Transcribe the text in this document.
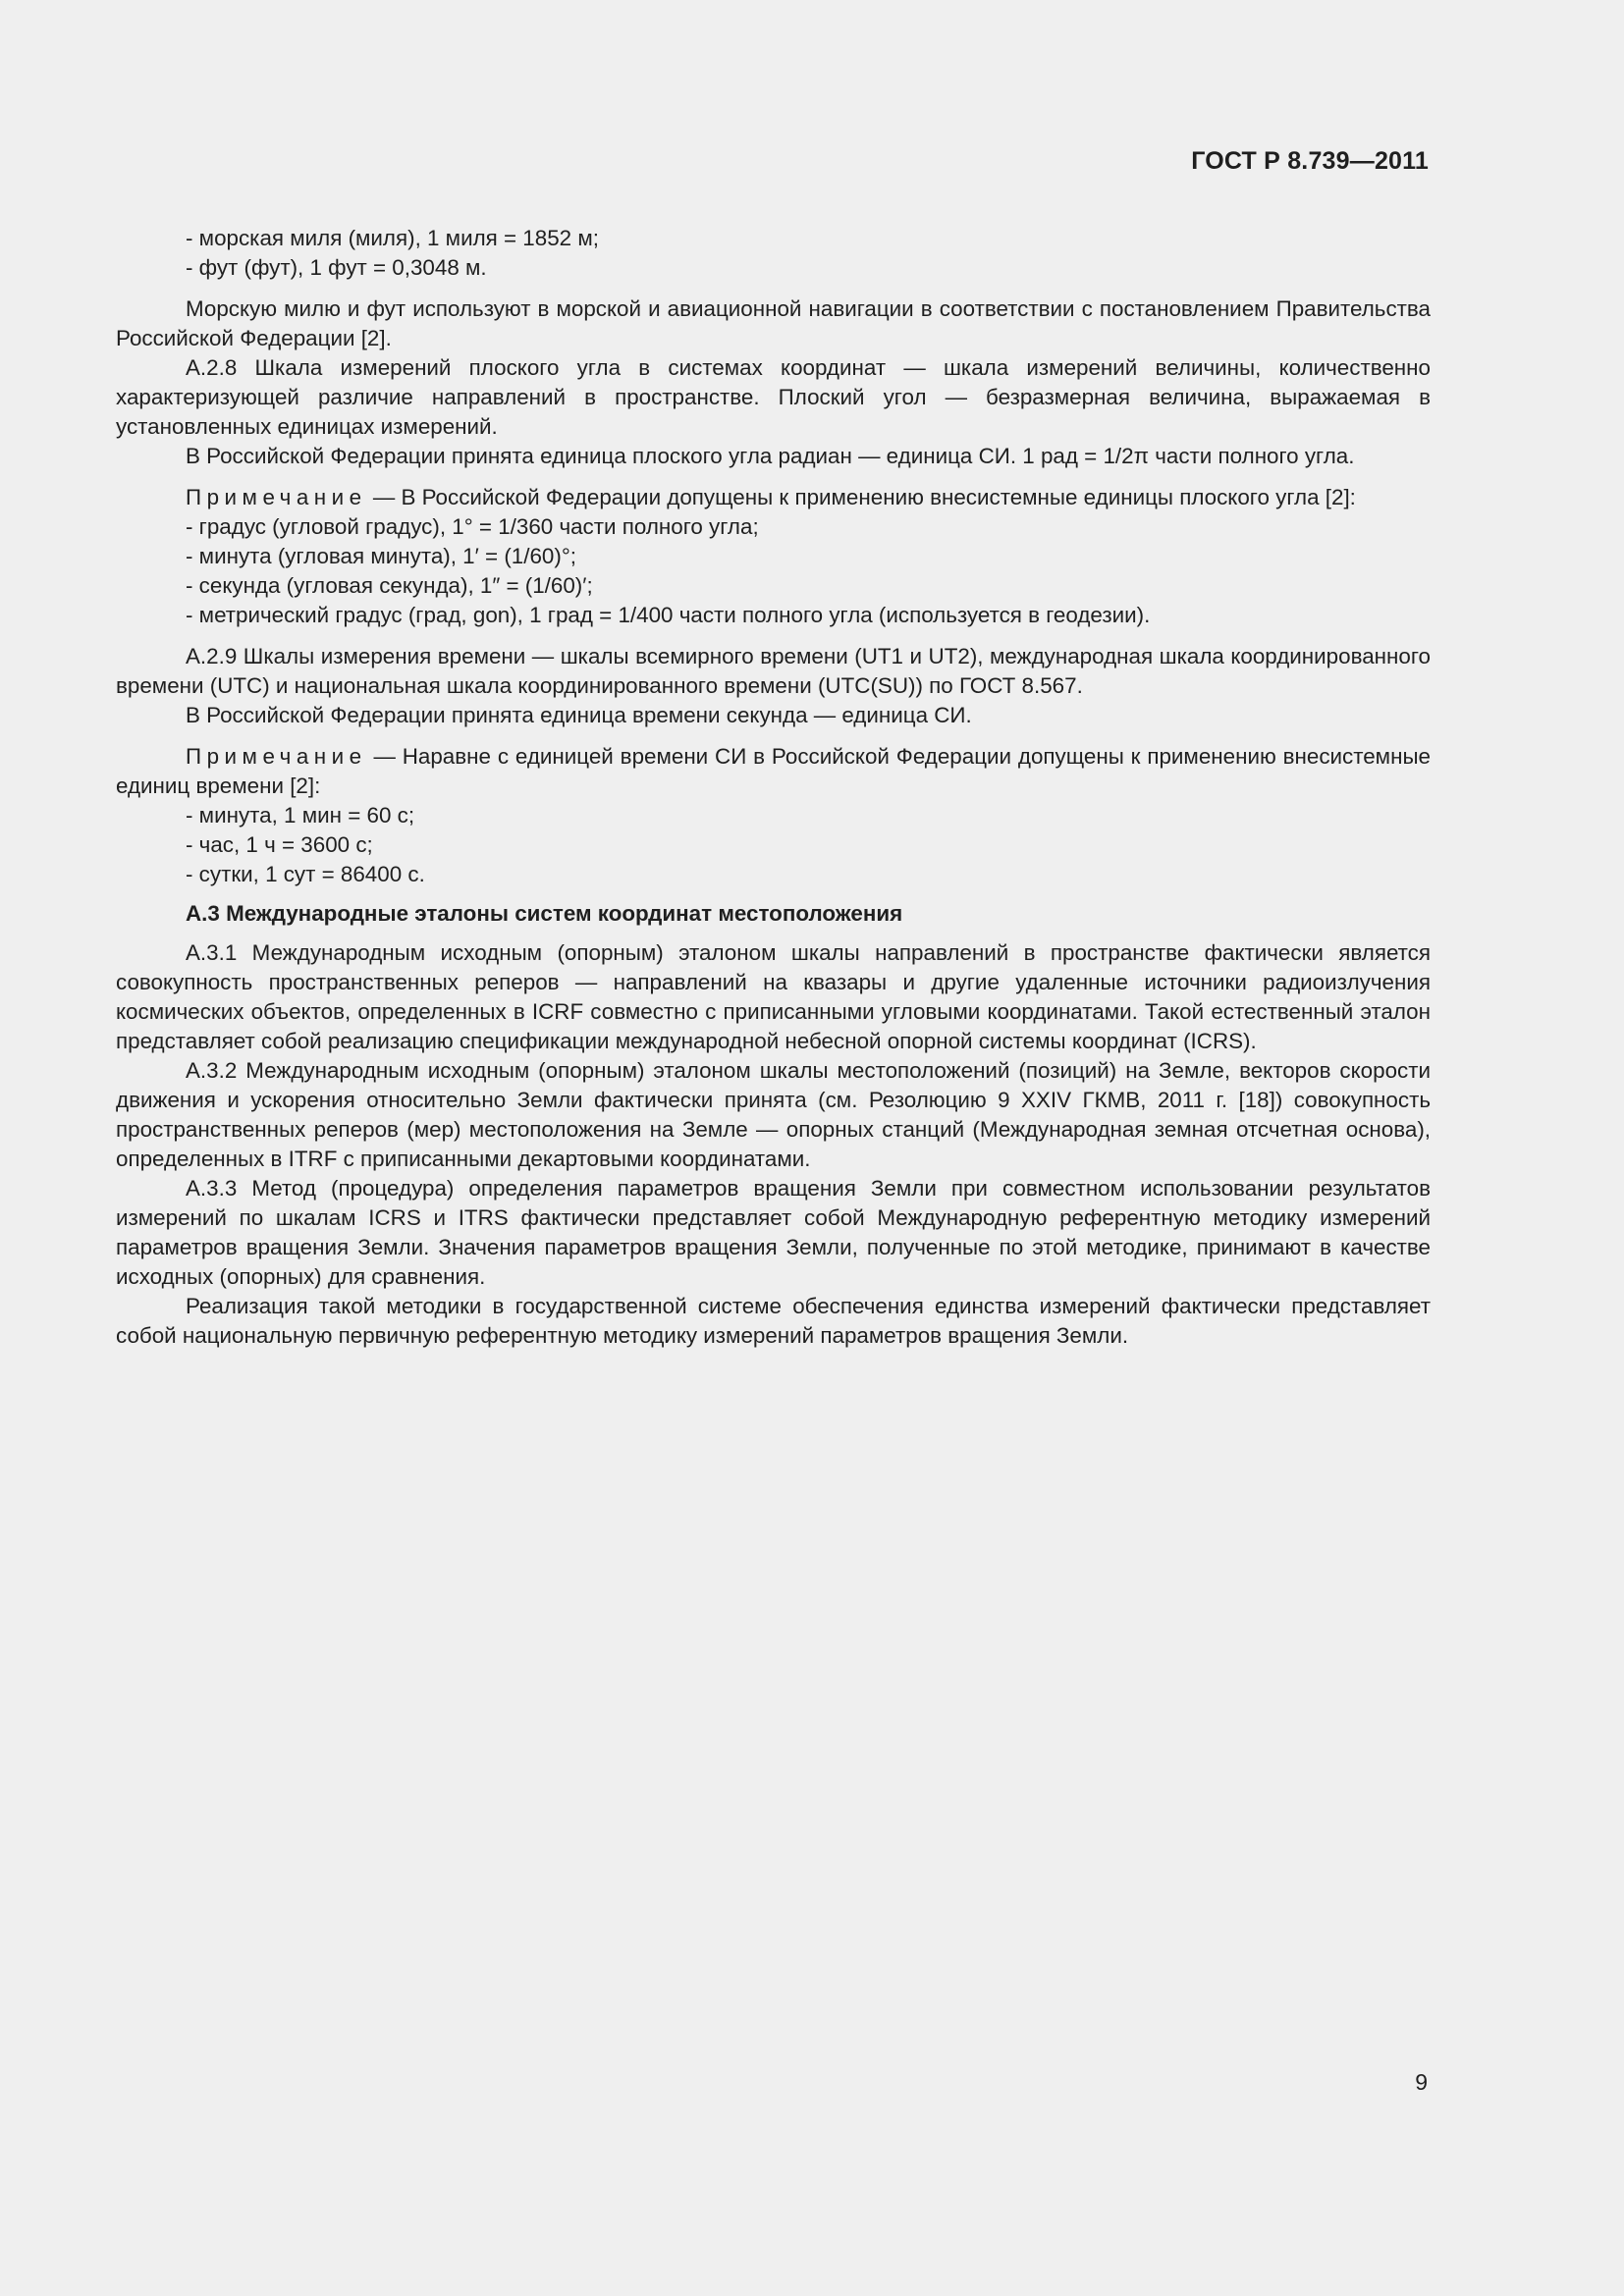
ГОСТ Р 8.739—2011

- морская миля (миля), 1 миля = 1852 м;

- фут (фут), 1 фут = 0,3048 м.

Морскую милю и фут используют в морской и авиационной навигации в соответствии с постановлением Правительства Российской Федерации [2].

А.2.8 Шкала измерений плоского угла в системах координат — шкала измерений величины, количественно характеризующей различие направлений в пространстве. Плоский угол — безразмерная величина, выражаемая в установленных единицах измерений.

В Российской Федерации принята единица плоского угла радиан — единица СИ. 1 рад = 1/2π части полного угла.

Примечание — В Российской Федерации допущены к применению внесистемные единицы плоского угла [2]:

- градус (угловой градус), 1° = 1/360 части полного угла;

- минута (угловая минута), 1′ = (1/60)°;

- секунда (угловая секунда), 1″ = (1/60)′;

- метрический градус (град, gon), 1 град = 1/400 части полного угла (используется в геодезии).

А.2.9 Шкалы измерения времени — шкалы всемирного времени (UT1 и UT2), международная шкала координированного времени (UTC) и национальная шкала координированного времени (UTC(SU)) по ГОСТ 8.567.

В Российской Федерации принята единица времени секунда — единица СИ.

Примечание — Наравне с единицей времени СИ в Российской Федерации допущены к применению внесистемные единиц времени [2]:

- минута, 1 мин = 60 с;

- час, 1 ч = 3600 с;

- сутки, 1 сут = 86400 с.

А.3 Международные эталоны систем координат местоположения

А.3.1 Международным исходным (опорным) эталоном шкалы направлений в пространстве фактически является совокупность пространственных реперов — направлений на квазары и другие удаленные источники радиоизлучения космических объектов, определенных в ICRF совместно с приписанными угловыми координатами. Такой естественный эталон представляет собой реализацию спецификации международной небесной опорной системы координат (ICRS).

А.3.2 Международным исходным (опорным) эталоном шкалы местоположений (позиций) на Земле, векторов скорости движения и ускорения относительно Земли фактически принята (см. Резолюцию 9 XXIV ГКМВ, 2011 г. [18]) совокупность пространственных реперов (мер) местоположения на Земле — опорных станций (Международная земная отсчетная основа), определенных в ITRF с приписанными декартовыми координатами.

А.3.3 Метод (процедура) определения параметров вращения Земли при совместном использовании результатов измерений по шкалам ICRS и ITRS фактически представляет собой Международную референтную методику измерений параметров вращения Земли. Значения параметров вращения Земли, полученные по этой методике, принимают в качестве исходных (опорных) для сравнения.

Реализация такой методики в государственной системе обеспечения единства измерений фактически представляет собой национальную первичную референтную методику измерений параметров вращения Земли.

9
